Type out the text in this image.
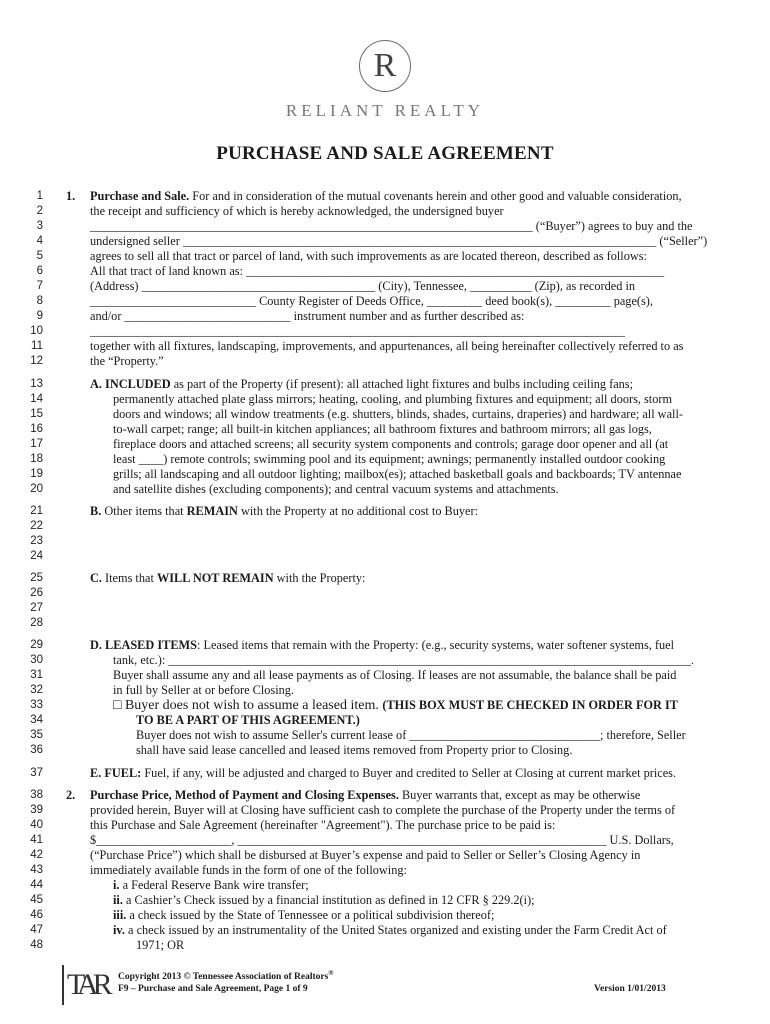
R
RELIANT REALTY
PURCHASE AND SALE AGREEMENT
1 1. Purchase and Sale. For and in consideration of the mutual covenants herein and other good and valuable consideration,
2	the receipt and sufficiency of which is hereby acknowledged, the undersigned buyer
3	________________________________________________________________________ (“Buyer”) agrees to buy and the
4	undersigned seller _____________________________________________________________________________ (“Seller”)
5	agrees to sell all that tract or parcel of land, with such improvements as are located thereon, described as follows:
6	All that tract of land known as: ____________________________________________________________________
7	(Address) ______________________________________ (City), Tennessee, __________ (Zip), as recorded in
8	___________________________ County Register of Deeds Office, _________ deed book(s), _________ page(s),
9	and/or ___________________________ instrument number and as further described as:
10	_______________________________________________________________________________________
11	together with all fixtures, landscaping, improvements, and appurtenances, all being hereinafter collectively referred to as
12	the “Property.”
13	A. INCLUDED as part of the Property (if present): all attached light fixtures and bulbs including ceiling fans;
14	permanently attached plate glass mirrors; heating, cooling, and plumbing fixtures and equipment; all doors, storm
15	doors and windows; all window treatments (e.g. shutters, blinds, shades, curtains, draperies) and hardware; all wall-
16	to-wall carpet; range; all built-in kitchen appliances; all bathroom fixtures and bathroom mirrors; all gas logs,
17	fireplace doors and attached screens; all security system components and controls; garage door opener and all (at
18	least ____) remote controls; swimming pool and its equipment; awnings; permanently installed outdoor cooking
19	grills; all landscaping and all outdoor lighting; mailbox(es); attached basketball goals and backboards; TV antennae
20	and satellite dishes (excluding components); and central vacuum systems and attachments.
21	B. Other items that REMAIN with the Property at no additional cost to Buyer:
22
23
24
25	C. Items that WILL NOT REMAIN with the Property:
26
27
28
29	D. LEASED ITEMS: Leased items that remain with the Property: (e.g., security systems, water softener systems, fuel
30	tank, etc.): _____________________________________________________________________________________.
31	Buyer shall assume any and all lease payments as of Closing. If leases are not assumable, the balance shall be paid
32	in full by Seller at or before Closing.
33	□ Buyer does not wish to assume a leased item. (THIS BOX MUST BE CHECKED IN ORDER FOR IT
34	TO BE A PART OF THIS AGREEMENT.)
35	Buyer does not wish to assume Seller's current lease of _______________________________; therefore, Seller
36	shall have said lease cancelled and leased items removed from Property prior to Closing.
37	E. FUEL: Fuel, if any, will be adjusted and charged to Buyer and credited to Seller at Closing at current market prices.
38 2. Purchase Price, Method of Payment and Closing Expenses. Buyer warrants that, except as may be otherwise
39	provided herein, Buyer will at Closing have sufficient cash to complete the purchase of the Property under the terms of
40	this Purchase and Sale Agreement (hereinafter "Agreement"). The purchase price to be paid is:
41	$______________________, ____________________________________________________________ U.S. Dollars,
42	(“Purchase Price”) which shall be disbursed at Buyer’s expense and paid to Seller or Seller’s Closing Agency in
43	immediately available funds in the form of one of the following:
44	i. a Federal Reserve Bank wire transfer;
45	ii. a Cashier’s Check issued by a financial institution as defined in 12 CFR § 229.2(i);
46	iii. a check issued by the State of Tennessee or a political subdivision thereof;
47	iv. a check issued by an instrumentality of the United States organized and existing under the Farm Credit Act of
48	1971; OR
TAR	Copyright 2013 © Tennessee Association of Realtors®
F9 – Purchase and Sale Agreement, Page 1 of 9	Version 1/01/2013
